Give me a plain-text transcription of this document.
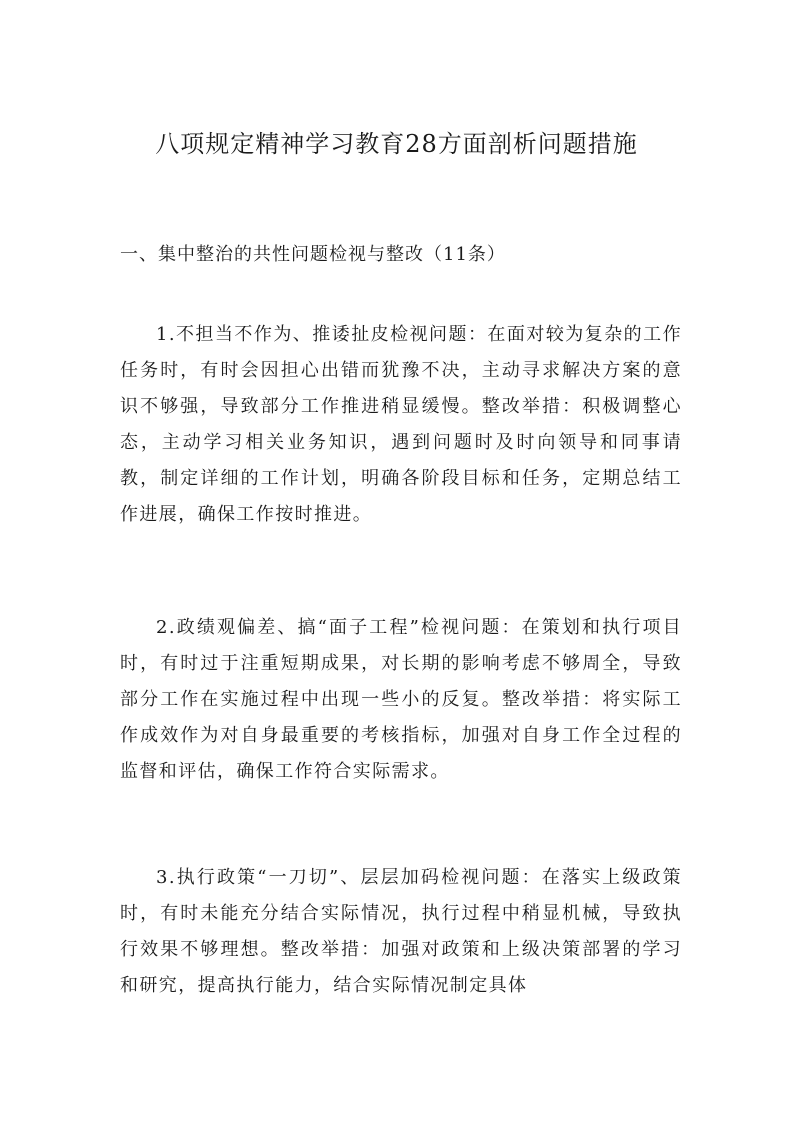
八项规定精神学习教育28方面剖析问题措施

一、集中整治的共性问题检视与整改（11条）

1.不担当不作为、推诿扯皮检视问题：在面对较为复杂的工作任务时，有时会因担心出错而犹豫不决，主动寻求解决方案的意识不够强，导致部分工作推进稍显缓慢。整改举措：积极调整心态，主动学习相关业务知识，遇到问题时及时向领导和同事请教，制定详细的工作计划，明确各阶段目标和任务，定期总结工作进展，确保工作按时推进。

2.政绩观偏差、搞“面子工程”检视问题：在策划和执行项目时，有时过于注重短期成果，对长期的影响考虑不够周全，导致部分工作在实施过程中出现一些小的反复。整改举措：将实际工作成效作为对自身最重要的考核指标，加强对自身工作全过程的监督和评估，确保工作符合实际需求。

3.执行政策“一刀切”、层层加码检视问题：在落实上级政策时，有时未能充分结合实际情况，执行过程中稍显机械，导致执行效果不够理想。整改举措：加强对政策和上级决策部署的学习和研究，提高执行能力，结合实际情况制定具体
